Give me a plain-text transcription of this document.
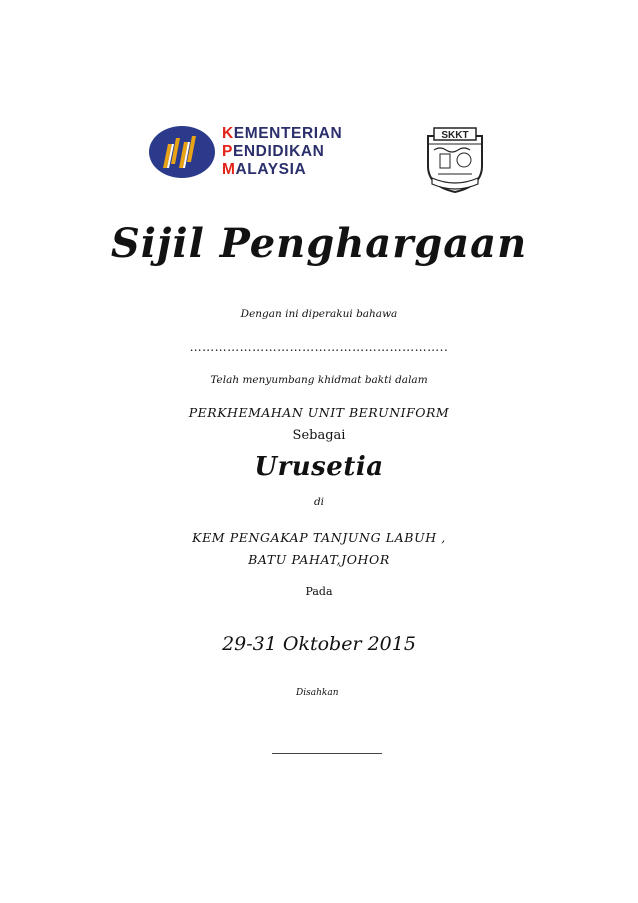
KEMENTERIAN
PENDIDIKAN
MALAYSIA
SKKT
Sijil Penghargaan
Dengan ini diperakui bahawa
……………………………………………………..
Telah menyumbang khidmat bakti dalam
PERKHEMAHAN UNIT BERUNIFORM
Sebagai
Urusetia
di
KEM PENGAKAP TANJUNG LABUH ,
BATU PAHAT,JOHOR
Pada
29-31 Oktober 2015
Disahkan
